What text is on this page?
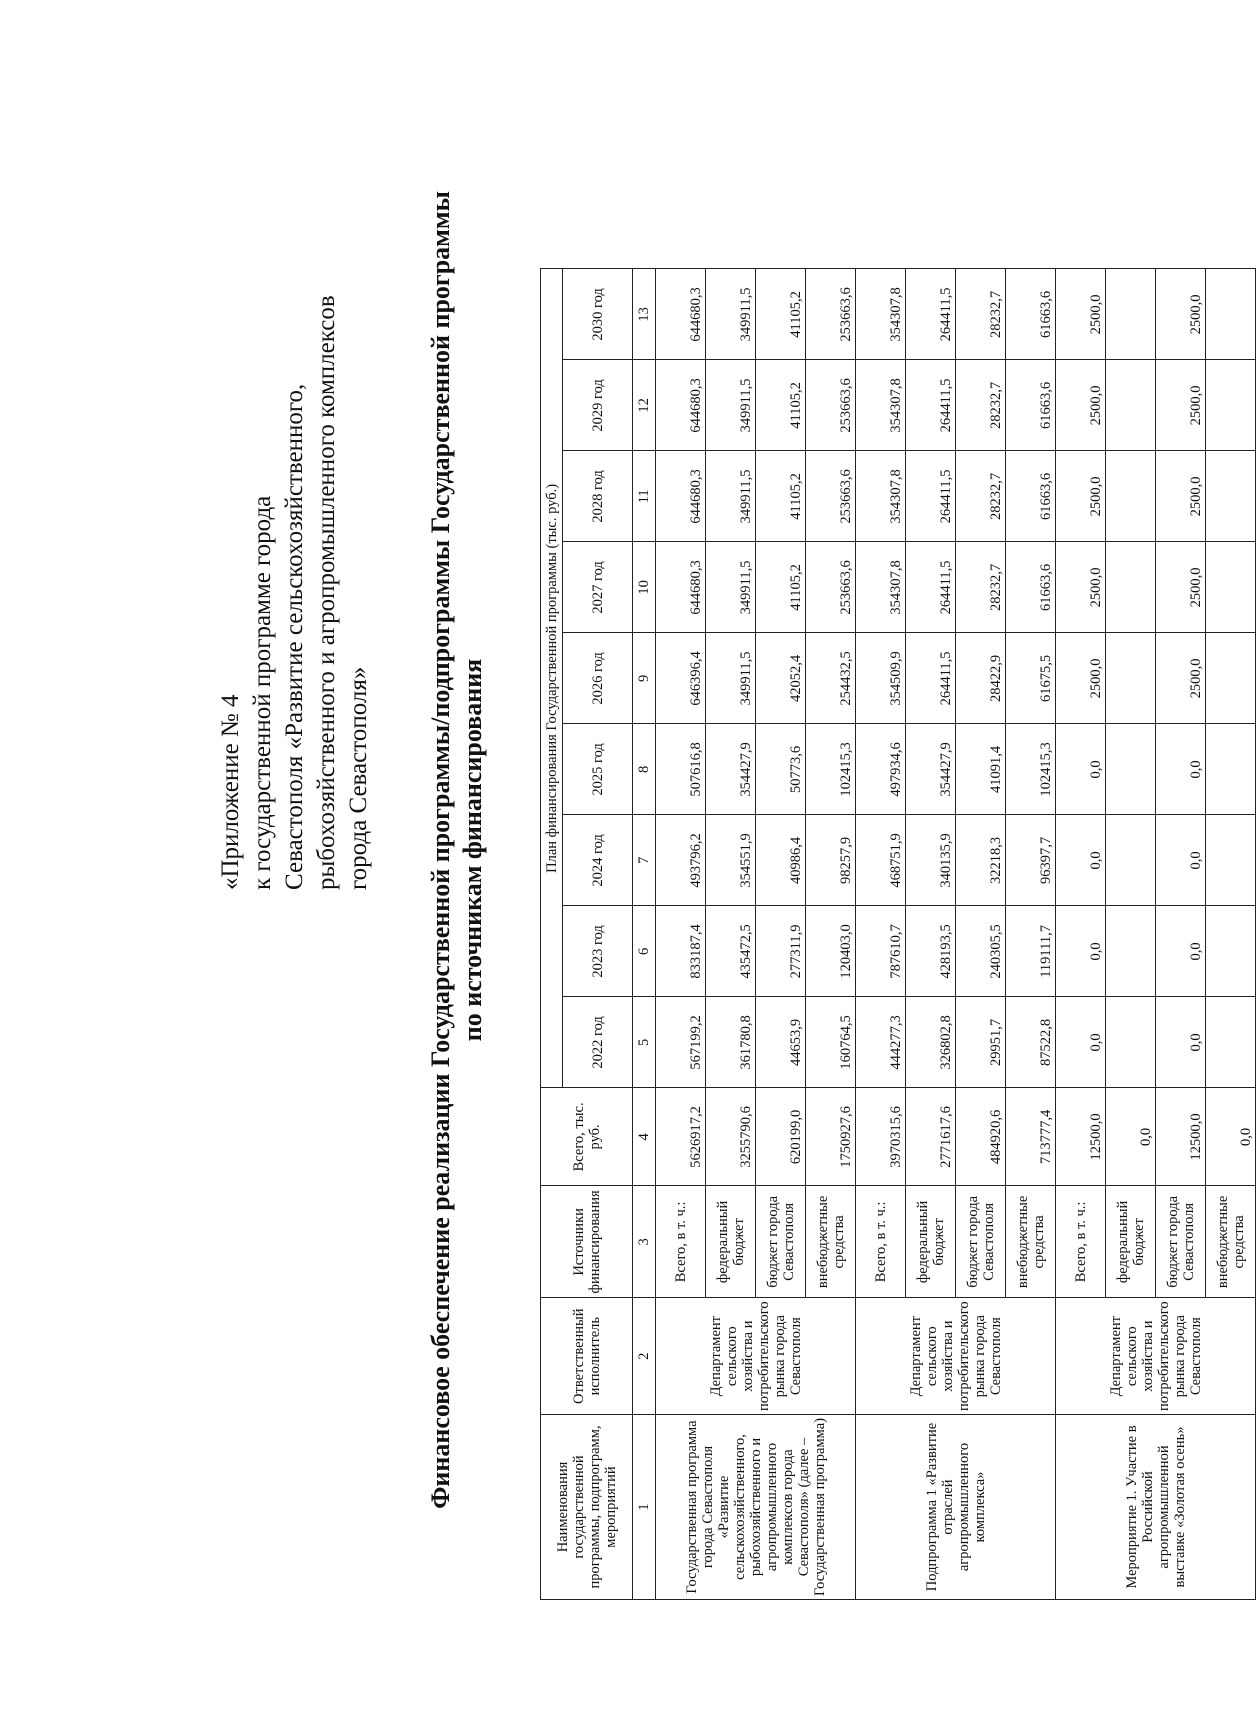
«Приложение № 4 к государственной программе города Севастополя «Развитие сельскохозяйственного, рыбохозяйственного и агропромышленного комплексов города Севастополя» Финансовое обеспечение реализации Государственной программы/подпрограммы Государственной программы по источникам финансирования
Наименования государственной программы, подпрограмм, мероприятий	Ответственный исполнитель	Источники финансирования	Всего, тыс. руб.	План финансирования Государственной программы (тыс. руб.)								
				2022 год	2023 год	2024 год	2025 год	2026 год	2027 год	2028 год	2029 год	2030 год
1	2	3	4	5	6	7	8	9	10	11	12	13
Государственная программа города Севастополя «Развитие сельскохозяйственного, рыбохозяйственного и агропромышленного комплексов города Севастополя» (далее – Государственная программа)	Департамент сельского хозяйства и потребительского рынка города Севастополя	Всего, в т. ч.:	5626917,2	567199,2	833187,4	493796,2	507616,8	646396,4	644680,3	644680,3	644680,3	644680,3
		федеральный бюджет	3255790,6	361780,8	435472,5	354551,9	354427,9	349911,5	349911,5	349911,5	349911,5	349911,5
		бюджет города Севастополя	620199,0	44653,9	277311,9	40986,4	50773,6	42052,4	41105,2	41105,2	41105,2	41105,2
		внебюджетные средства	1750927,6	160764,5	120403,0	98257,9	102415,3	254432,5	253663,6	253663,6	253663,6	253663,6
Подпрограмма 1 «Развитие отраслей агропромышленного комплекса»	Департамент сельского хозяйства и потребительского рынка города Севастополя	Всего, в т. ч.:	3970315,6	444277,3	787610,7	468751,9	497934,6	354509,9	354307,8	354307,8	354307,8	354307,8
		федеральный бюджет	2771617,6	326802,8	428193,5	340135,9	354427,9	264411,5	264411,5	264411,5	264411,5	264411,5
		бюджет города Севастополя	484920,6	29951,7	240305,5	32218,3	41091,4	28422,9	28232,7	28232,7	28232,7	28232,7
		внебюджетные средства	713777,4	87522,8	119111,7	96397,7	102415,3	61675,5	61663,6	61663,6	61663,6	61663,6
Мероприятие 1. Участие в Российской агропромышленной выставке «Золотая осень»	Департамент сельского хозяйства и потребительского рынка города Севастополя	Всего, в т. ч.:	12500,0	0,0	0,0	0,0	0,0	2500,0	2500,0	2500,0	2500,0	2500,0
		федеральный бюджет	0,0									
		бюджет города Севастополя	12500,0	0,0	0,0	0,0	0,0	2500,0	2500,0	2500,0	2500,0	2500,0
		внебюджетные средства	0,0									
